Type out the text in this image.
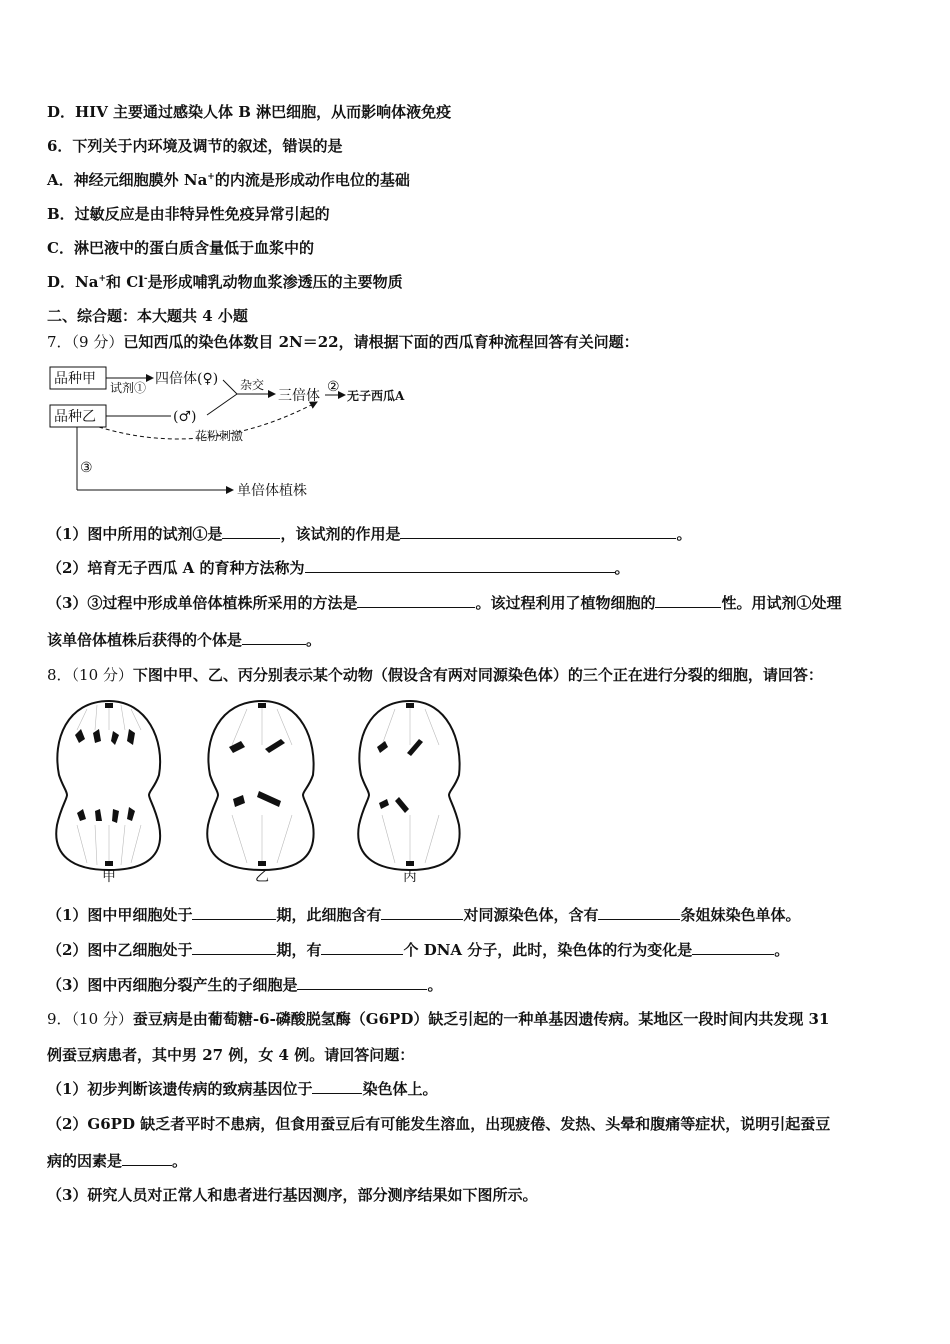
D．HIV 主要通过感染人体 B 淋巴细胞，从而影响体液免疫
6．下列关于内环境及调节的叙述，错误的是
A．神经元细胞膜外 Na+的内流是形成动作电位的基础
B．过敏反应是由非特异性免疫异常引起的
C．淋巴液中的蛋白质含量低于血浆中的
D．Na+和 Cl-是形成哺乳动物血浆渗透压的主要物质
二、综合题：本大题共 4 小题
7．（9 分）已知西瓜的染色体数目 2N＝22，请根据下面的西瓜育种流程回答有关问题：
品种甲
试剂①
四倍体(♀)
品种乙	(♂)
杂交
三倍体
②
无子西瓜A
花粉刺激
③
单倍体植株
（1）图中所用的试剂①是	，该试剂的作用是	。
（2）培育无子西瓜 A 的育种方法称为	。
（3）③过程中形成单倍体植株所采用的方法是	。该过程利用了植物细胞的	性。用试剂①处理
该单倍体植株后获得的个体是	。
8．（10 分）下图中甲、乙、丙分别表示某个动物（假设含有两对同源染色体）的三个正在进行分裂的细胞，请回答：
甲	乙	丙
（1）图中甲细胞处于	期，此细胞含有	对同源染色体，含有	条姐妹染色单体。
（2）图中乙细胞处于	期，有	个 DNA 分子，此时，染色体的行为变化是	。
（3）图中丙细胞分裂产生的子细胞是	。
9．（10 分）蚕豆病是由葡萄糖-6-磷酸脱氢酶（G6PD）缺乏引起的一种单基因遗传病。某地区一段时间内共发现 31
例蚕豆病患者，其中男 27 例，女 4 例。请回答问题：
（1）初步判断该遗传病的致病基因位于	染色体上。
（2）G6PD 缺乏者平时不患病，但食用蚕豆后有可能发生溶血，出现疲倦、发热、头晕和腹痛等症状，说明引起蚕豆
病的因素是	。
（3）研究人员对正常人和患者进行基因测序，部分测序结果如下图所示。
